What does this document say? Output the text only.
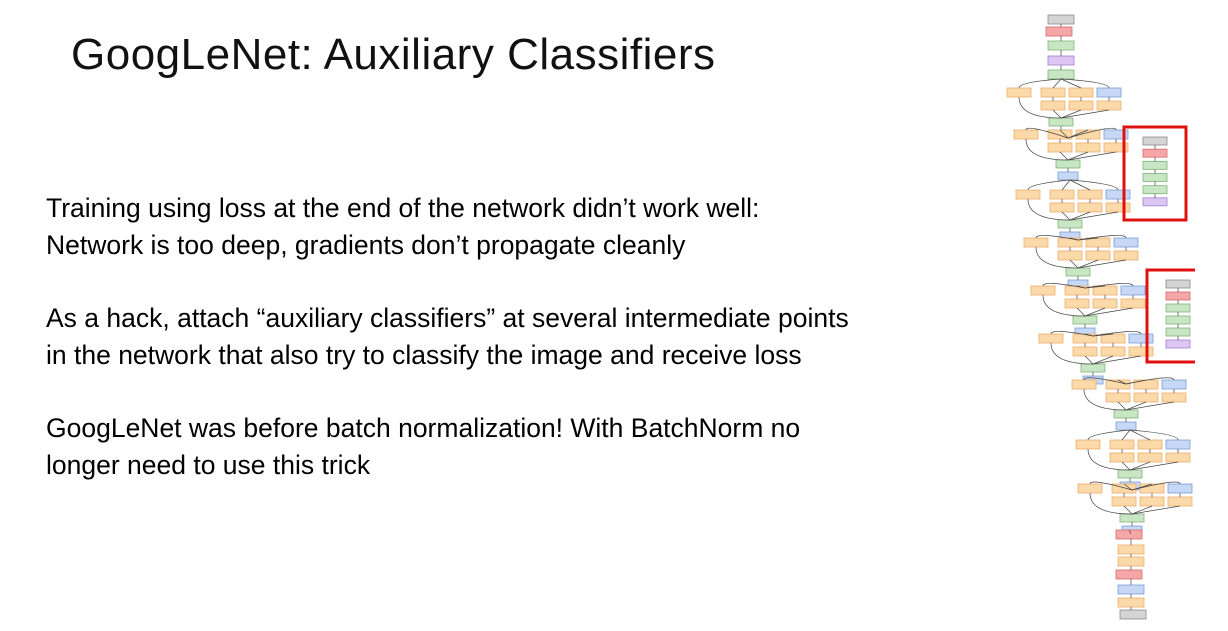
GoogLeNet: Auxiliary Classifiers

Training using loss at the end of the network didn’t work well:
Network is too deep, gradients don’t propagate cleanly

As a hack, attach “auxiliary classifiers” at several intermediate points
in the network that also try to classify the image and receive loss

GoogLeNet was before batch normalization! With BatchNorm no
longer need to use this trick
